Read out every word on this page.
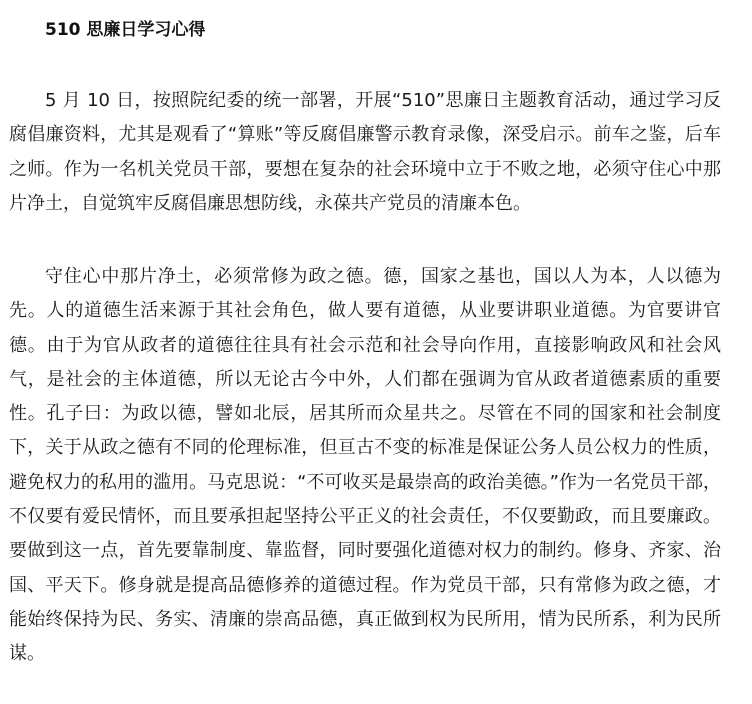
510 思廉日学习心得

5 月 10 日，按照院纪委的统一部署，开展“510”思廉日主题教育活动，通过学习反腐倡廉资料，尤其是观看了“算账”等反腐倡廉警示教育录像，深受启示。前车之鉴，后车之师。作为一名机关党员干部，要想在复杂的社会环境中立于不败之地，必须守住心中那片净土，自觉筑牢反腐倡廉思想防线，永葆共产党员的清廉本色。

守住心中那片净土，必须常修为政之德。德，国家之基也，国以人为本，人以德为先。人的道德生活来源于其社会角色，做人要有道德，从业要讲职业道德。为官要讲官德。由于为官从政者的道德往往具有社会示范和社会导向作用，直接影响政风和社会风气，是社会的主体道德，所以无论古今中外，人们都在强调为官从政者道德素质的重要性。孔子曰：为政以德，譬如北辰，居其所而众星共之。尽管在不同的国家和社会制度下，关于从政之德有不同的伦理标准，但亘古不变的标准是保证公务人员公权力的性质，避免权力的私用的滥用。马克思说：“不可收买是最崇高的政治美德。”作为一名党员干部，不仅要有爱民情怀，而且要承担起坚持公平正义的社会责任，不仅要勤政，而且要廉政。要做到这一点，首先要靠制度、靠监督，同时要强化道德对权力的制约。修身、齐家、治国、平天下。修身就是提高品德修养的道德过程。作为党员干部，只有常修为政之德，才能始终保持为民、务实、清廉的崇高品德，真正做到权为民所用，情为民所系，利为民所谋。
